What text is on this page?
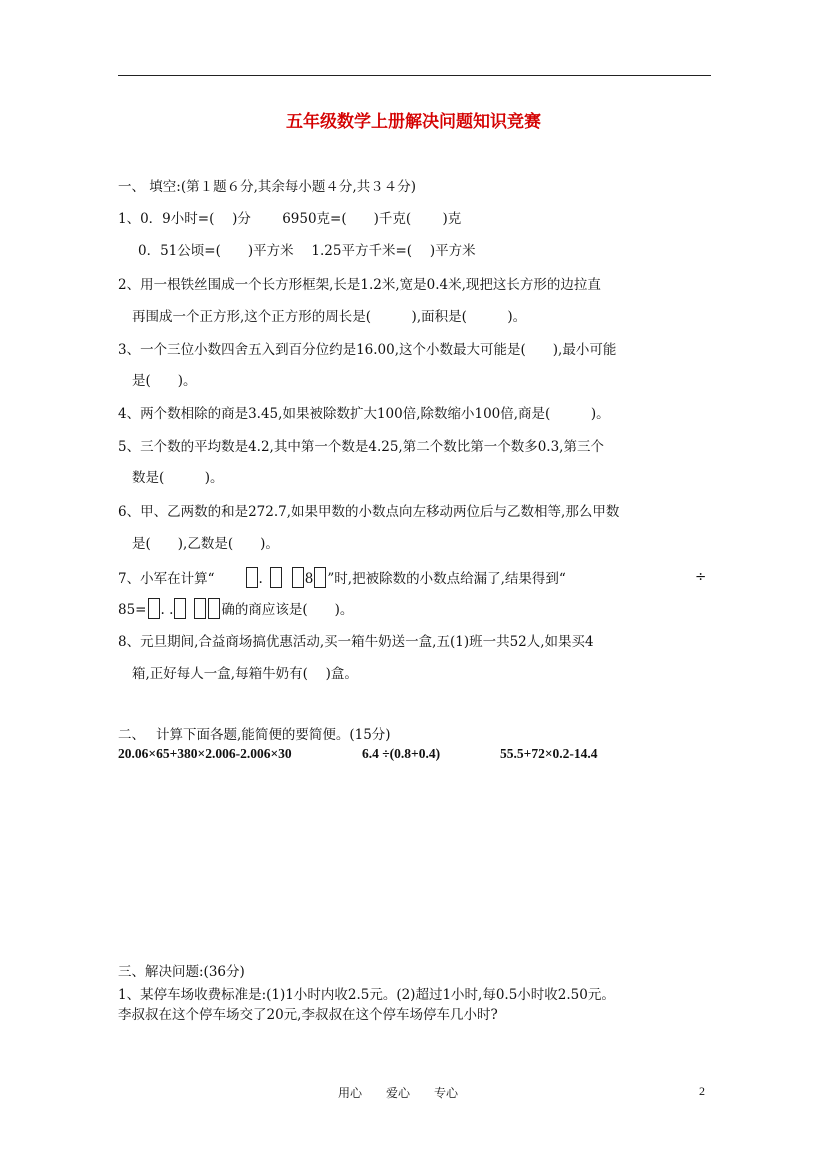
五年级数学上册解决问题知识竞赛
一、 填空:(第１题６分,其余每小题４分,共３４分)
1、0．9小时=(　 )分　　 6950克=(　　)千克(　　 )克
0．51公顷=(　　)平方米　 1.25平方千米=(　 )平方米
2、用一根铁丝围成一个长方形框架,长是1.2米,宽是0.4米,现把这长方形的边拉直
再围成一个正方形,这个正方形的周长是(　　　),面积是(　　　)。
3、一个三位小数四舍五入到百分位约是16.00,这个小数最大可能是(　　),最小可能
是(　　)。
4、两个数相除的商是3.45,如果被除数扩大100倍,除数缩小100倍,商是(　　　)。
5、三个数的平均数是4.2,其中第一个数是4.25,第二个数比第一个数多0.3,第三个
数是(　　　)。
6、甲、乙两数的和是272.7,如果甲数的小数点向左移动两位后与乙数相等,那么甲数
是(　　),乙数是(　　)。
7、小军在计算“	.	8 ”时,把被除数的小数点给漏了,结果得到“	÷
85= . .	确的商应该是(　　)。
8、元旦期间,合益商场搞优惠活动,买一箱牛奶送一盒,五(1)班一共52人,如果买4
箱,正好每人一盒,每箱牛奶有(　 )盒。
二、　 计算下面各题,能简便的要简便。(15分)
20.06×65+380×2.006-2.006×30	6.4 ÷(0.8+0.4)	55.5+72×0.2-14.4
三、解决问题:(36分)
1、某停车场收费标准是:(1)1小时内收2.5元。(2)超过1小时,每0.5小时收2.50元。
李叔叔在这个停车场交了20元,李叔叔在这个停车场停车几小时?
用心　　爱心　　专心	2
